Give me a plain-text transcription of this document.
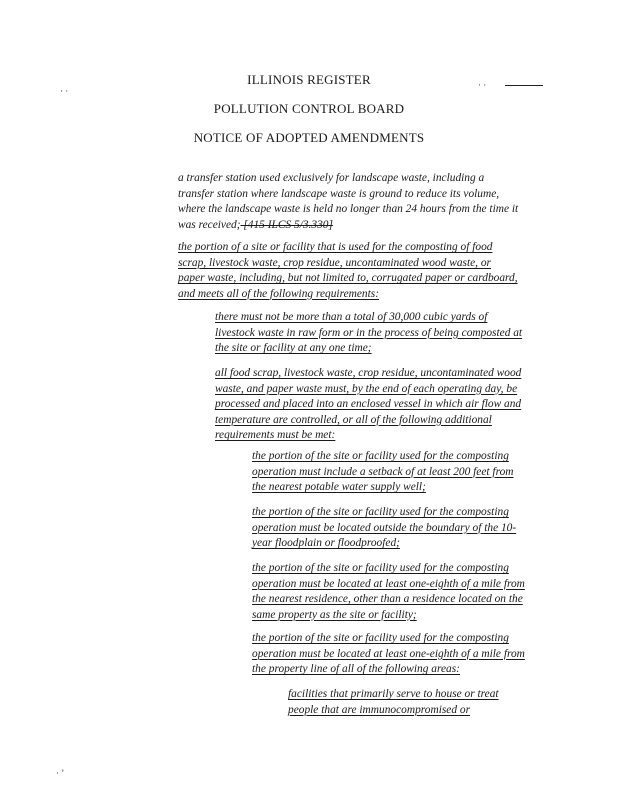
· ·
· ·
ILLINOIS REGISTER
POLLUTION CONTROL BOARD
NOTICE OF ADOPTED AMENDMENTS
a transfer station used exclusively for landscape waste, including a
transfer station where landscape waste is ground to reduce its volume,
where the landscape waste is held no longer than 24 hours from the time it
was received; [415 ILCS 5/3.330]
the portion of a site or facility that is used for the composting of food
scrap, livestock waste, crop residue, uncontaminated wood waste, or
paper waste, including, but not limited to, corrugated paper or cardboard,
and meets all of the following requirements:
there must not be more than a total of 30,000 cubic yards of
livestock waste in raw form or in the process of being composted at
the site or facility at any one time;
all food scrap, livestock waste, crop residue, uncontaminated wood
waste, and paper waste must, by the end of each operating day, be
processed and placed into an enclosed vessel in which air flow and
temperature are controlled, or all of the following additional
requirements must be met:
the portion of the site or facility used for the composting
operation must include a setback of at least 200 feet from
the nearest potable water supply well;
the portion of the site or facility used for the composting
operation must be located outside the boundary of the 10-
year floodplain or floodproofed;
the portion of the site or facility used for the composting
operation must be located at least one-eighth of a mile from
the nearest residence, other than a residence located on the
same property as the site or facility;
the portion of the site or facility used for the composting
operation must be located at least one-eighth of a mile from
the property line of all of the following areas:
facilities that primarily serve to house or treat
people that are immunocompromised or
· ’
